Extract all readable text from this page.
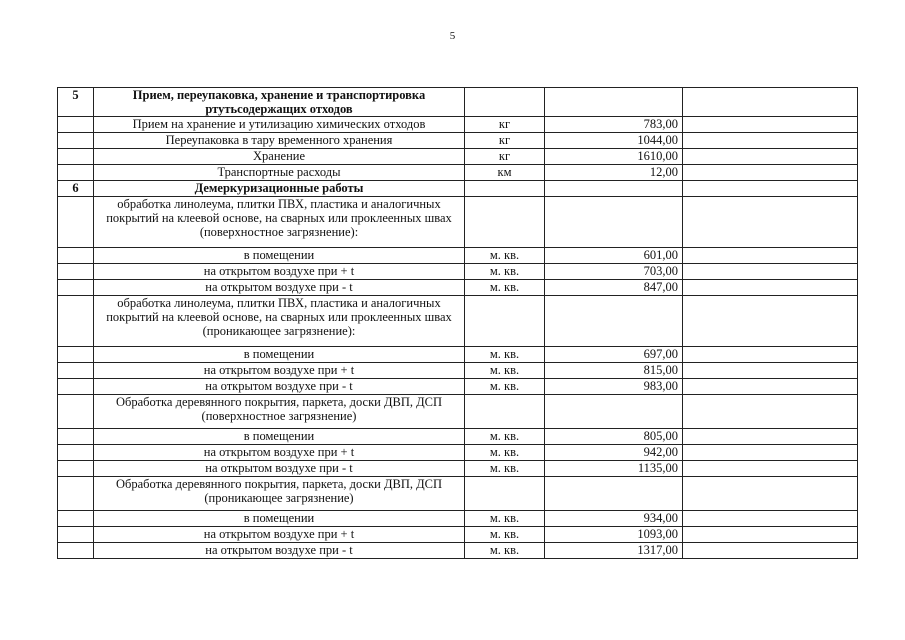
5
5	Прием, переупаковка, хранение и транспортировка ртутьсодержащих отходов			
	Прием на хранение и утилизацию химических отходов	кг	783,00	
	Переупаковка в тару временного хранения	кг	1044,00	
	Хранение	кг	1610,00	
	Транспортные расходы	км	12,00	
6	Демеркуризационные работы			
	обработка линолеума, плитки ПВХ, пластика и аналогичных покрытий на клеевой основе, на сварных или проклеенных швах (поверхностное загрязнение):			
	в помещении	м. кв.	601,00	
	на открытом воздухе при + t	м. кв.	703,00	
	на открытом воздухе при - t	м. кв.	847,00	
	обработка линолеума, плитки ПВХ, пластика и аналогичных покрытий на клеевой основе, на сварных или проклеенных швах (проникающее загрязнение):			
	в помещении	м. кв.	697,00	
	на открытом воздухе при + t	м. кв.	815,00	
	на открытом воздухе при - t	м. кв.	983,00	
	Обработка деревянного покрытия, паркета, доски ДВП, ДСП (поверхностное загрязнение)			
	в помещении	м. кв.	805,00	
	на открытом воздухе при + t	м. кв.	942,00	
	на открытом воздухе при - t	м. кв.	1135,00	
	Обработка деревянного покрытия, паркета, доски ДВП, ДСП (проникающее загрязнение)			
	в помещении	м. кв.	934,00	
	на открытом воздухе при + t	м. кв.	1093,00	
	на открытом воздухе при - t	м. кв.	1317,00	
